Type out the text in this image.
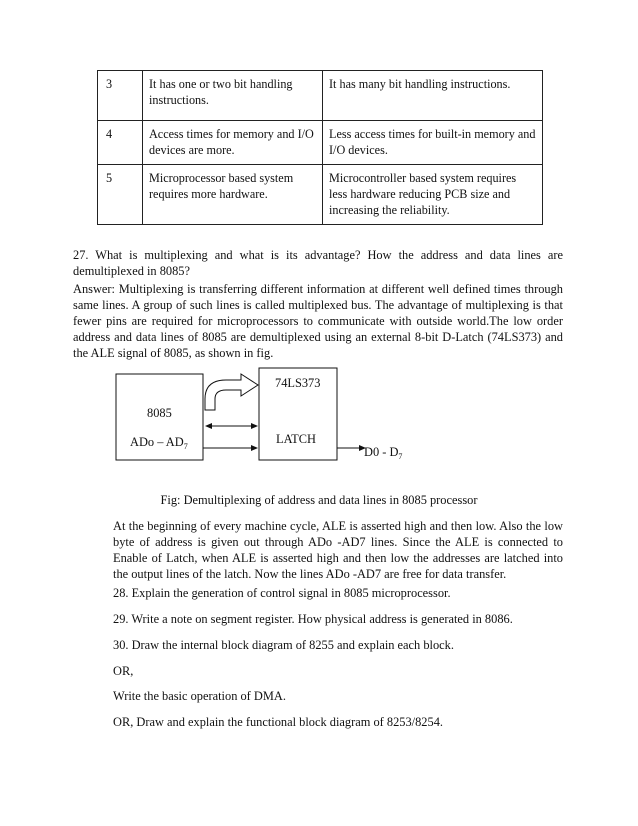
3	It has one or two bit handling instructions.	It has many bit handling instructions.
4	Access times for memory and I/O devices are more.	Less access times for built-in memory and I/O devices.
5	Microprocessor based system requires more hardware.	Microcontroller based system requires less hardware reducing PCB size and increasing the reliability.
27. What is multiplexing and what is its advantage? How the address and data lines are demultiplexed in 8085?
Answer: Multiplexing is transferring different information at different well defined times through same lines. A group of such lines is called multiplexed bus. The advantage of multiplexing is that fewer pins are required for microprocessors to communicate with outside world.The low order address and data lines of 8085 are demultiplexed using an external 8-bit D-Latch (74LS373) and the ALE signal of 8085, as shown in fig.
8085
ADo – $AD_7$
74LS373
LATCH
$D0 - D_7$
Fig: Demultiplexing of address and data lines in 8085 processor
At the beginning of every machine cycle, ALE is asserted high and then low. Also the low byte of address is given out through ADo -AD7 lines. Since the ALE is connected to Enable of Latch, when ALE is asserted high and then low the addresses are latched into the output lines of the latch. Now the lines ADo -AD7 are free for data transfer.
28. Explain the generation of control signal in 8085 microprocessor.
29. Write a note on segment register. How physical address is generated in 8086.
30. Draw the internal block diagram of 8255 and explain each block.
OR,
Write the basic operation of DMA.
OR, Draw and explain the functional block diagram of 8253/8254.
